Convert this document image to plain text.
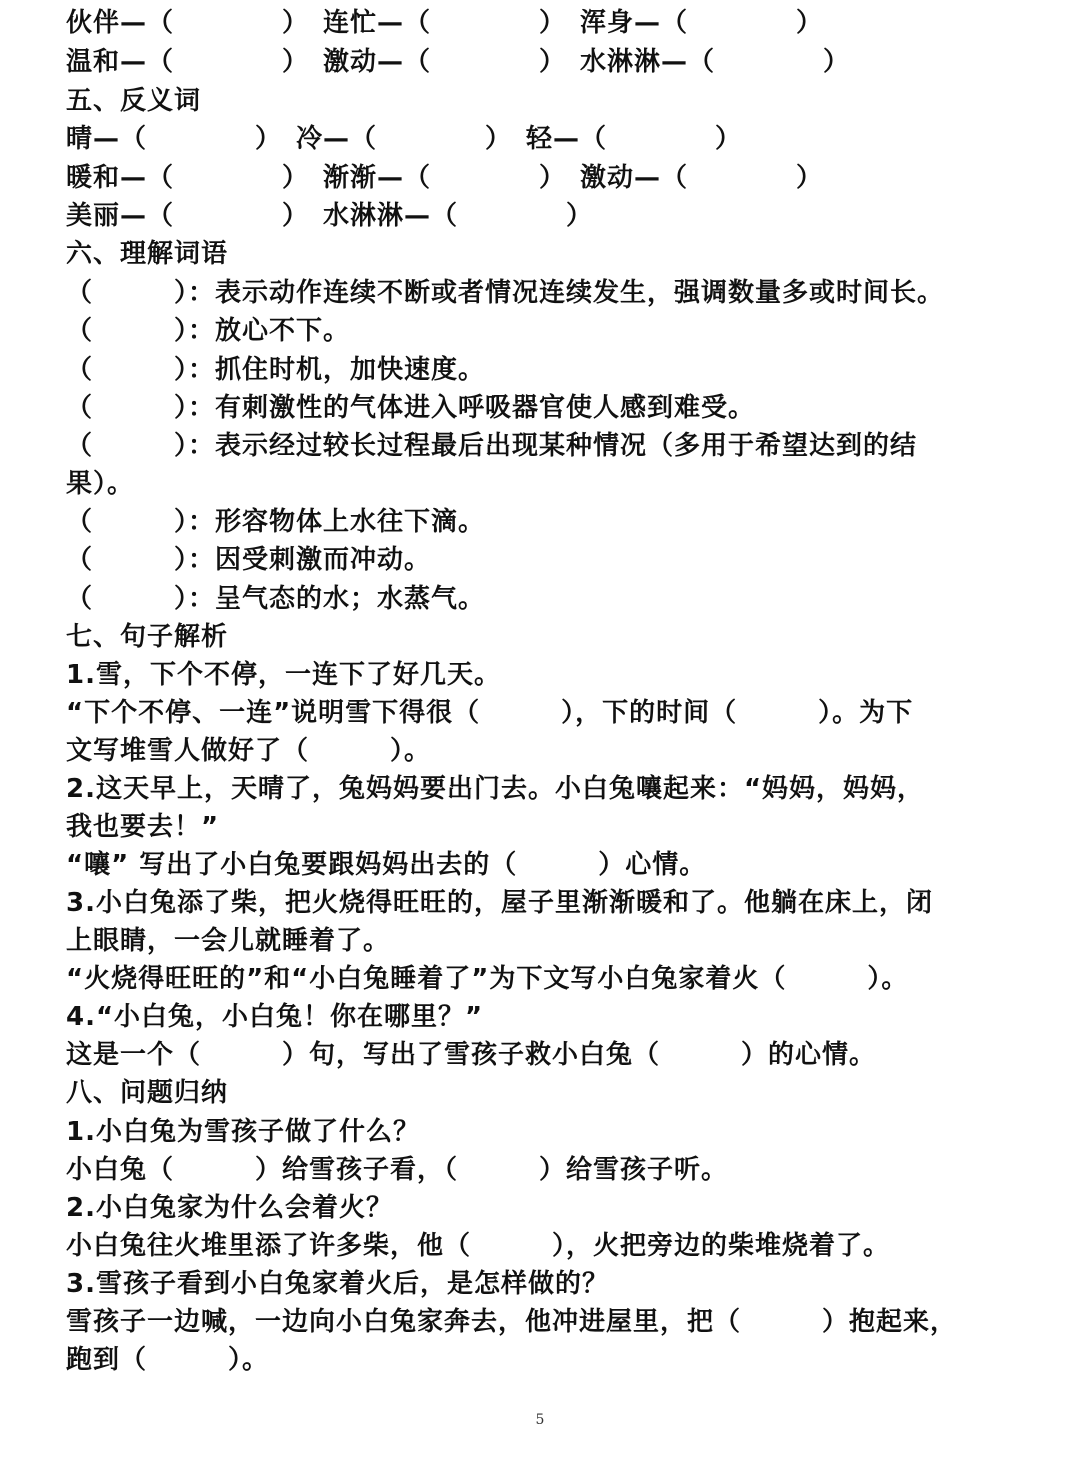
伙伴—（　　　　）　连忙—（　　　　）　浑身—（　　　　）
温和—（　　　　）　激动—（　　　　）　水淋淋—（　　　　）
五、反义词
晴—（　　　　）　冷—（　　　　）　轻—（　　　　）
暖和—（　　　　）　渐渐—（　　　　）　激动—（　　　　）
美丽—（　　　　）　水淋淋—（　　　　）
六、理解词语
（　　　）：表示动作连续不断或者情况连续发生，强调数量多或时间长。
（　　　）：放心不下。
（　　　）：抓住时机，加快速度。
（　　　）：有刺激性的气体进入呼吸器官使人感到难受。
（　　　）：表示经过较长过程最后出现某种情况（多用于希望达到的结
果）。
（　　　）：形容物体上水往下滴。
（　　　）：因受刺激而冲动。
（　　　）：呈气态的水；水蒸气。
七、句子解析
1.雪，下个不停，一连下了好几天。
“下个不停、一连”说明雪下得很（　　　），下的时间（　　　）。为下
文写堆雪人做好了（　　　）。
2.这天早上，天晴了，兔妈妈要出门去。小白兔嚷起来：“妈妈，妈妈，
我也要去！”
“嚷” 写出了小白兔要跟妈妈出去的（　　　）心情。
3.小白兔添了柴，把火烧得旺旺的，屋子里渐渐暖和了。他躺在床上，闭
上眼睛，一会儿就睡着了。
“火烧得旺旺的”和“小白兔睡着了”为下文写小白兔家着火（　　　）。
4.“小白兔，小白兔！你在哪里？”
这是一个（　　　）句，写出了雪孩子救小白兔（　　　）的心情。
八、问题归纳
1.小白兔为雪孩子做了什么？
小白兔（　　　）给雪孩子看，（　　　）给雪孩子听。
2.小白兔家为什么会着火？
小白兔往火堆里添了许多柴，他（　　　），火把旁边的柴堆烧着了。
3.雪孩子看到小白兔家着火后，是怎样做的？
雪孩子一边喊，一边向小白兔家奔去，他冲进屋里，把（　　　）抱起来，
跑到（　　　）。
5
